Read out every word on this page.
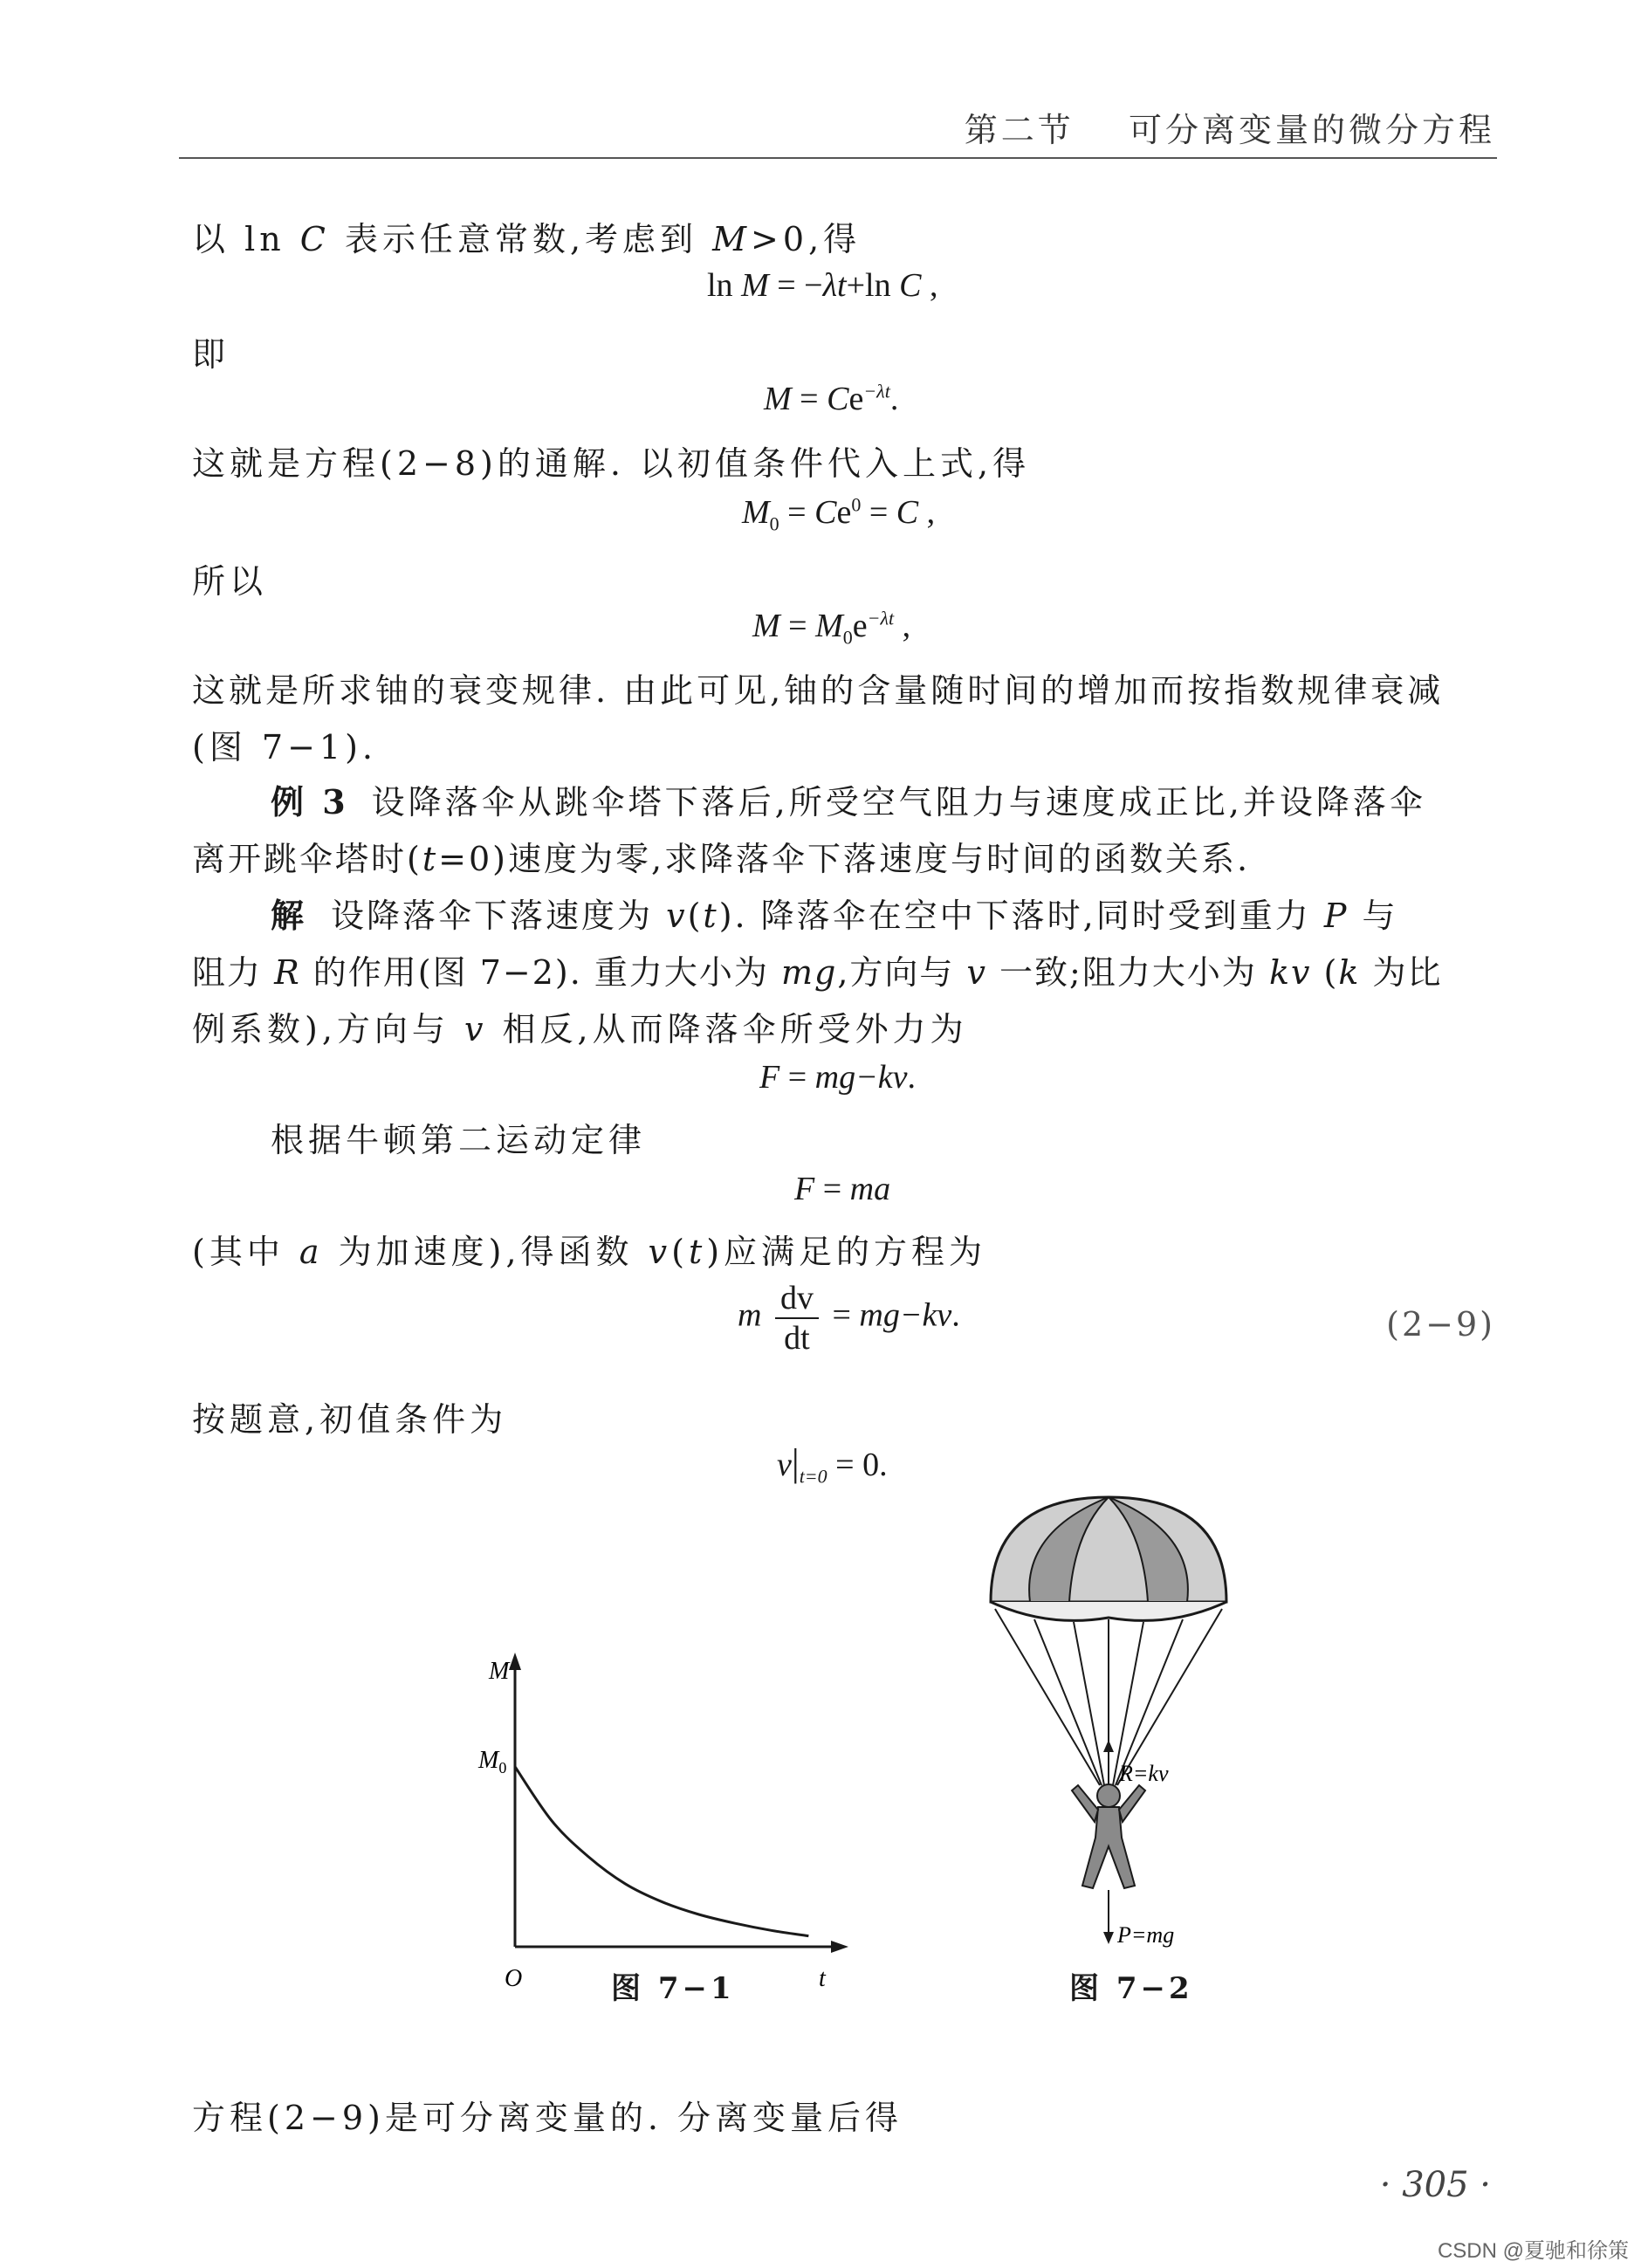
第二节 可分离变量的微分方程
以 ln C 表示任意常数,考虑到 M>0,得
ln M = −λt+ln C ,
即
$M = Ce^{-\lambda t}$.
这就是方程(2−8)的通解. 以初值条件代入上式,得
$M_0 = Ce^0 = C$ ,
所以
$M = M_0e^{-\lambda t}$ ,
这就是所求铀的衰变规律. 由此可见,铀的含量随时间的增加而按指数规律衰减
(图 7−1).
例 3 设降落伞从跳伞塔下落后,所受空气阻力与速度成正比,并设降落伞
离开跳伞塔时(t=0)速度为零,求降落伞下落速度与时间的函数关系.
解 设降落伞下落速度为 v(t). 降落伞在空中下落时,同时受到重力 P 与
阻力 R 的作用(图 7−2). 重力大小为 mg,方向与 v 一致;阻力大小为 kv (k 为比
例系数),方向与 v 相反,从而降落伞所受外力为
F = mg−kv.
根据牛顿第二运动定律
F = ma
(其中 a 为加速度),得函数 v(t)应满足的方程为
m $\frac{dv}{dt} = mg-kv$.	(2−9)
按题意,初值条件为
$v|_{t=0} = 0$.
M
$M_0$
O	t
图 7−1
R=kv
P=mg
图 7−2
方程(2−9)是可分离变量的. 分离变量后得
· 305 ·
CSDN @夏驰和徐策
